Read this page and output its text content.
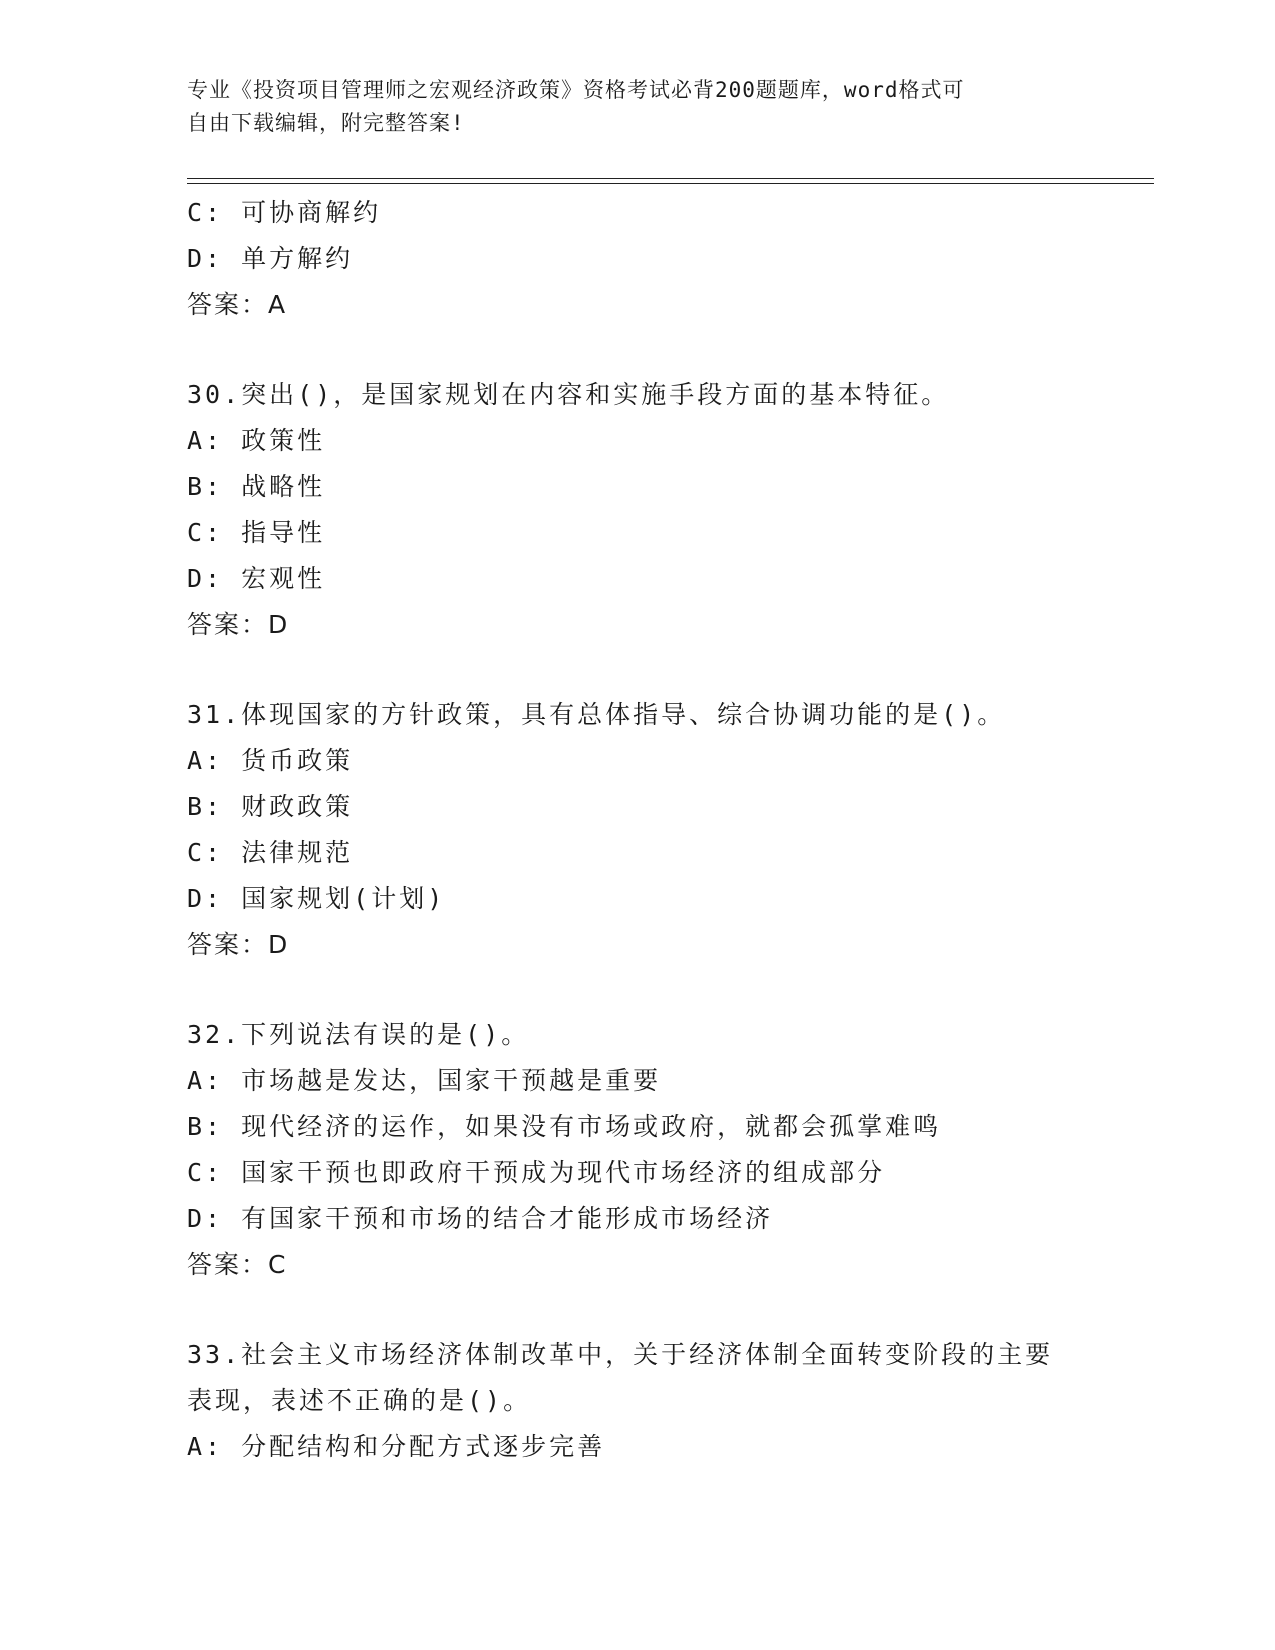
专业《投资项目管理师之宏观经济政策》资格考试必背200题题库，word格式可
自由下载编辑，附完整答案!
C: 可协商解约
D: 单方解约
答案：A
30.突出()，是国家规划在内容和实施手段方面的基本特征。
A: 政策性
B: 战略性
C: 指导性
D: 宏观性
答案：D
31.体现国家的方针政策，具有总体指导、综合协调功能的是()。
A: 货币政策
B: 财政政策
C: 法律规范
D: 国家规划(计划)
答案：D
32.下列说法有误的是()。
A: 市场越是发达，国家干预越是重要
B: 现代经济的运作，如果没有市场或政府，就都会孤掌难鸣
C: 国家干预也即政府干预成为现代市场经济的组成部分
D: 有国家干预和市场的结合才能形成市场经济
答案：C
33.社会主义市场经济体制改革中，关于经济体制全面转变阶段的主要
表现，表述不正确的是()。
A: 分配结构和分配方式逐步完善
